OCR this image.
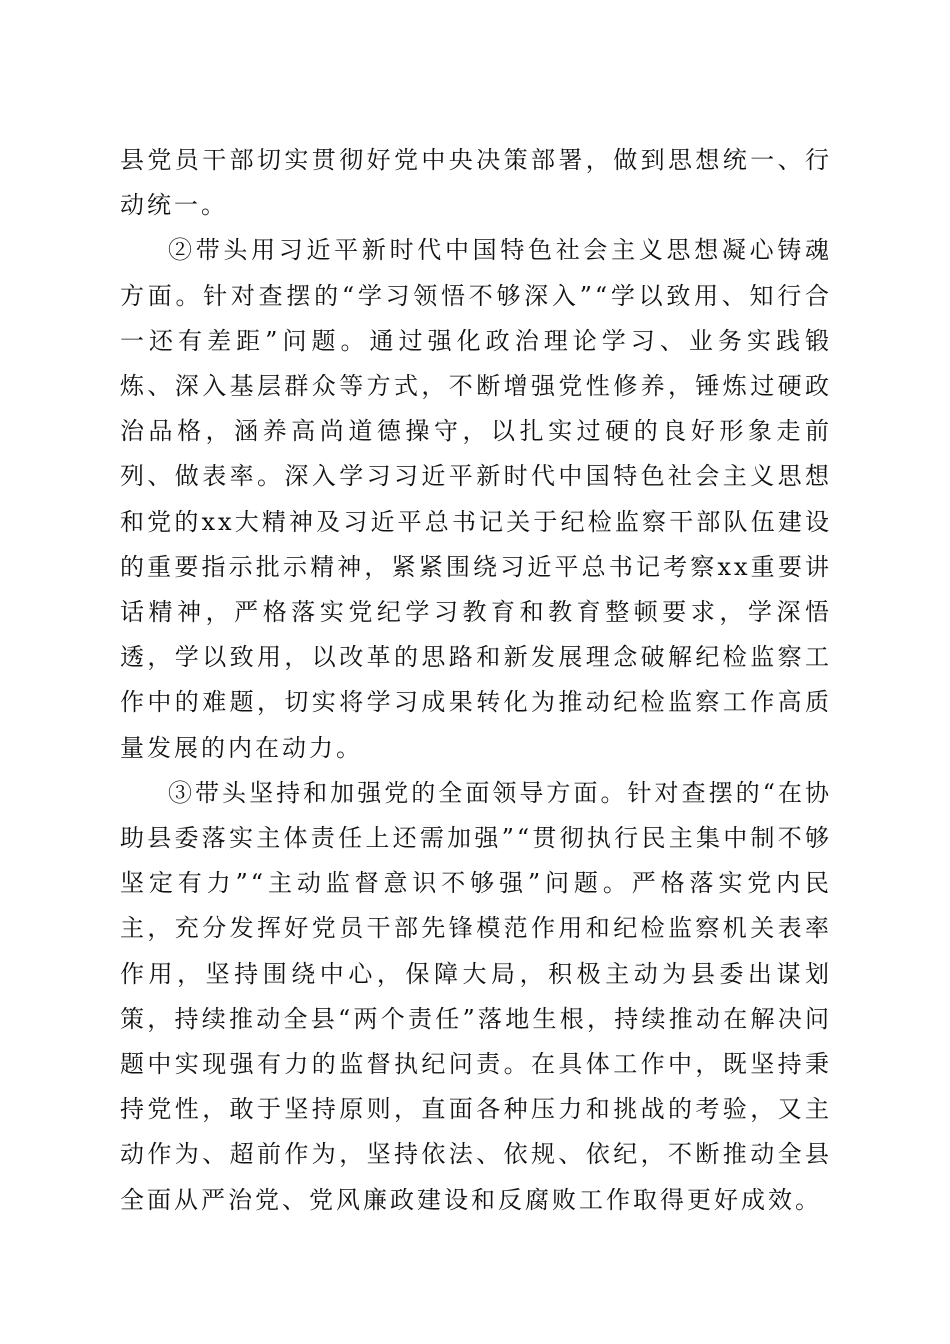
县党员干部切实贯彻好党中央决策部署，做到思想统一、行动统一。

②带头用习近平新时代中国特色社会主义思想凝心铸魂方面。针对查摆的“学习领悟不够深入”“学以致用、知行合一还有差距”问题。通过强化政治理论学习、业务实践锻炼、深入基层群众等方式，不断增强党性修养，锤炼过硬政治品格，涵养高尚道德操守，以扎实过硬的良好形象走前列、做表率。深入学习习近平新时代中国特色社会主义思想和党的xx大精神及习近平总书记关于纪检监察干部队伍建设的重要指示批示精神，紧紧围绕习近平总书记考察xx重要讲话精神，严格落实党纪学习教育和教育整顿要求，学深悟透，学以致用，以改革的思路和新发展理念破解纪检监察工作中的难题，切实将学习成果转化为推动纪检监察工作高质量发展的内在动力。

③带头坚持和加强党的全面领导方面。针对查摆的“在协助县委落实主体责任上还需加强”“贯彻执行民主集中制不够坚定有力”“主动监督意识不够强”问题。严格落实党内民主，充分发挥好党员干部先锋模范作用和纪检监察机关表率作用，坚持围绕中心，保障大局，积极主动为县委出谋划策，持续推动全县“两个责任”落地生根，持续推动在解决问题中实现强有力的监督执纪问责。在具体工作中，既坚持秉持党性，敢于坚持原则，直面各种压力和挑战的考验，又主动作为、超前作为，坚持依法、依规、依纪，不断推动全县全面从严治党、党风廉政建设和反腐败工作取得更好成效。
